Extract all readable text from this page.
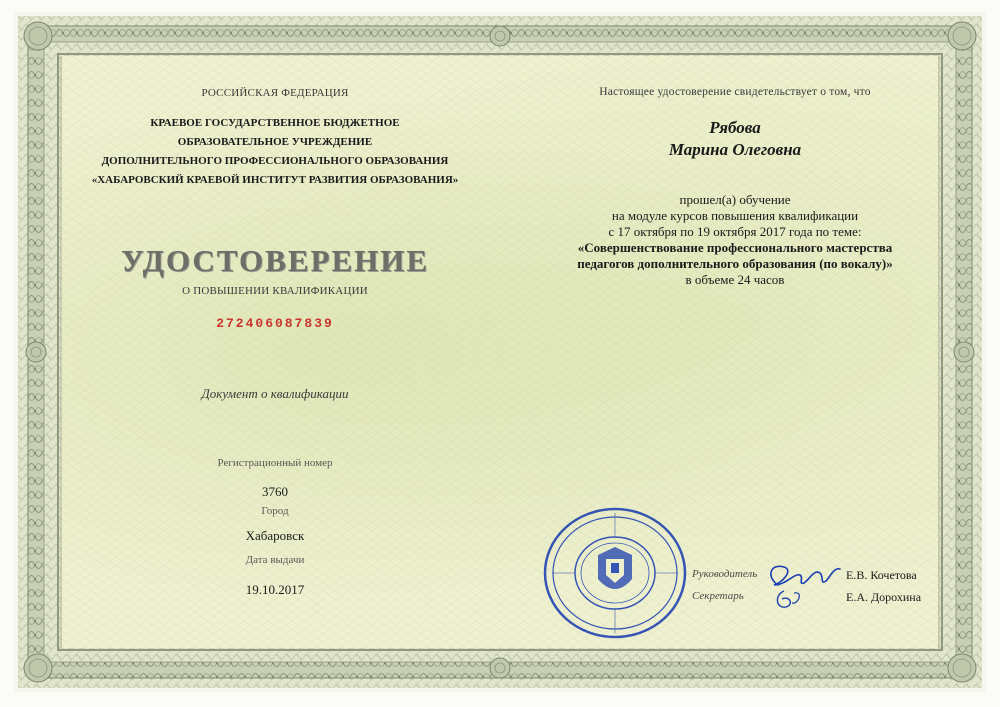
РОССИЙСКАЯ ФЕДЕРАЦИЯ
КРАЕВОЕ ГОСУДАРСТВЕННОЕ БЮДЖЕТНОЕ
ОБРАЗОВАТЕЛЬНОЕ УЧРЕЖДЕНИЕ
ДОПОЛНИТЕЛЬНОГО ПРОФЕССИОНАЛЬНОГО ОБРАЗОВАНИЯ
«ХАБАРОВСКИЙ КРАЕВОЙ ИНСТИТУТ РАЗВИТИЯ ОБРАЗОВАНИЯ»
УДОСТОВЕРЕНИЕ
О ПОВЫШЕНИИ КВАЛИФИКАЦИИ
272406087839
Документ о квалификации
Регистрационный номер
3760
Город
Хабаровск
Дата выдачи
19.10.2017
Настоящее удостоверение свидетельствует о том, что
Рябова
Марина Олеговна
прошел(а) обучение
на модуле курсов повышения квалификации
с 17 октября по 19 октября 2017 года по теме:
«Совершенствование профессионального мастерства
педагогов дополнительного образования (по вокалу)»
в объеме 24 часов
Руководитель
Секретарь
Е.В. Кочетова
Е.А. Дорохина
